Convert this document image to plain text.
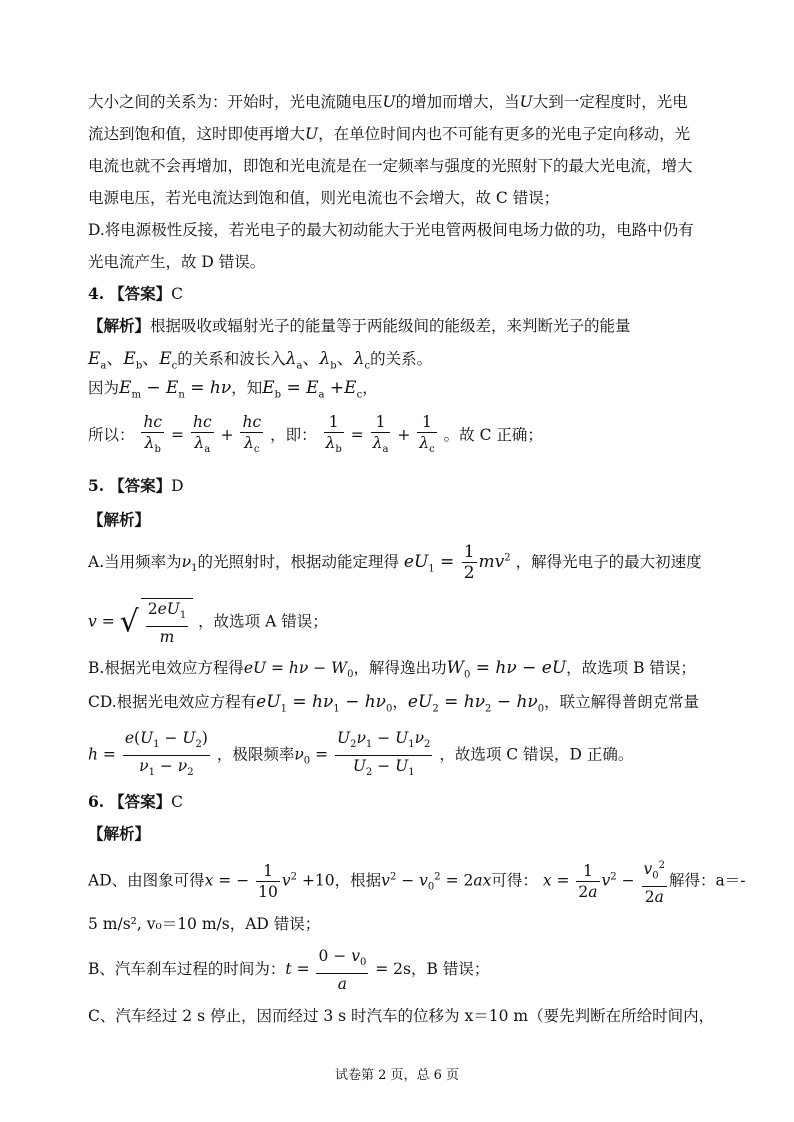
大小之间的关系为：开始时，光电流随电压U的增加而增大，当U大到一定程度时，光电
流达到饱和值，这时即使再增大U，在单位时间内也不可能有更多的光电子定向移动，光
电流也就不会再增加，即饱和光电流是在一定频率与强度的光照射下的最大光电流，增大
电源电压，若光电流达到饱和值，则光电流也不会增大，故 C 错误；
D.将电源极性反接，若光电子的最大初动能大于光电管两极间电场力做的功，电路中仍有
光电流产生，故 D 错误。
4. 【答案】C
【解析】根据吸收或辐射光子的能量等于两能级间的能级差，来判断光子的能量
$E_a$、$E_b$、$E_c$的关系和波长入$\lambda_a$、$\lambda_b$、$\lambda_c$的关系。
因为$E_m - E_n = h\nu$，知$E_b = E_a +E_c$，
所以： $\frac{hc}{\lambda_b} = \frac{hc}{\lambda_a} + \frac{hc}{\lambda_c}$ ，即： $\frac{1}{\lambda_b} = \frac{1}{\lambda_a} + \frac{1}{\lambda_c}$ 。故 C 正确；
5. 【答案】D
【解析】
A.当用频率为$\nu_1$的光照射时，根据动能定理得 $eU_1 = \frac{1}{2} mv^2$ ，解得光电子的最大初速度
v = √ $\frac{2eU_1}{m}$ ，故选项 A 错误；
B.根据光电效应方程得eU = $h\nu - W_0$，解得逸出功$W_0 = h\nu$ − eU，故选项 B 错误；
CD.根据光电效应方程有$eU_1 = h\nu_1 - h\nu_0$，$eU_2 = h\nu_2 - h\nu_0$，联立解得普朗克常量
$h = \frac{e(U_1 - U_2)}{\nu_1 - \nu_2}$ ，极限频率$\nu_0 = \frac{U_2\nu_1 - U_1\nu_2}{U_2 - U_1}$ ，故选项 C 错误，D 正确。
6. 【答案】C
【解析】
AD、由图象可得x = − $\frac{1}{10} v^2 +10$，根据$v^2 - v_0^2 = 2ax$可得： $x = \frac{1}{2a} v^2 - \frac{v_0^2}{2a}$ 解得：a＝-
5 m/s², v₀＝10 m/s，AD 错误；
B、汽车刹车过程的时间为：$t = \frac{0 - v_0}{a} = 2s$，B 错误；
C、汽车经过 2 s 停止，因而经过 3 s 时汽车的位移为 x＝10 m（要先判断在所给时间内，
试卷第 2 页，总 6 页
